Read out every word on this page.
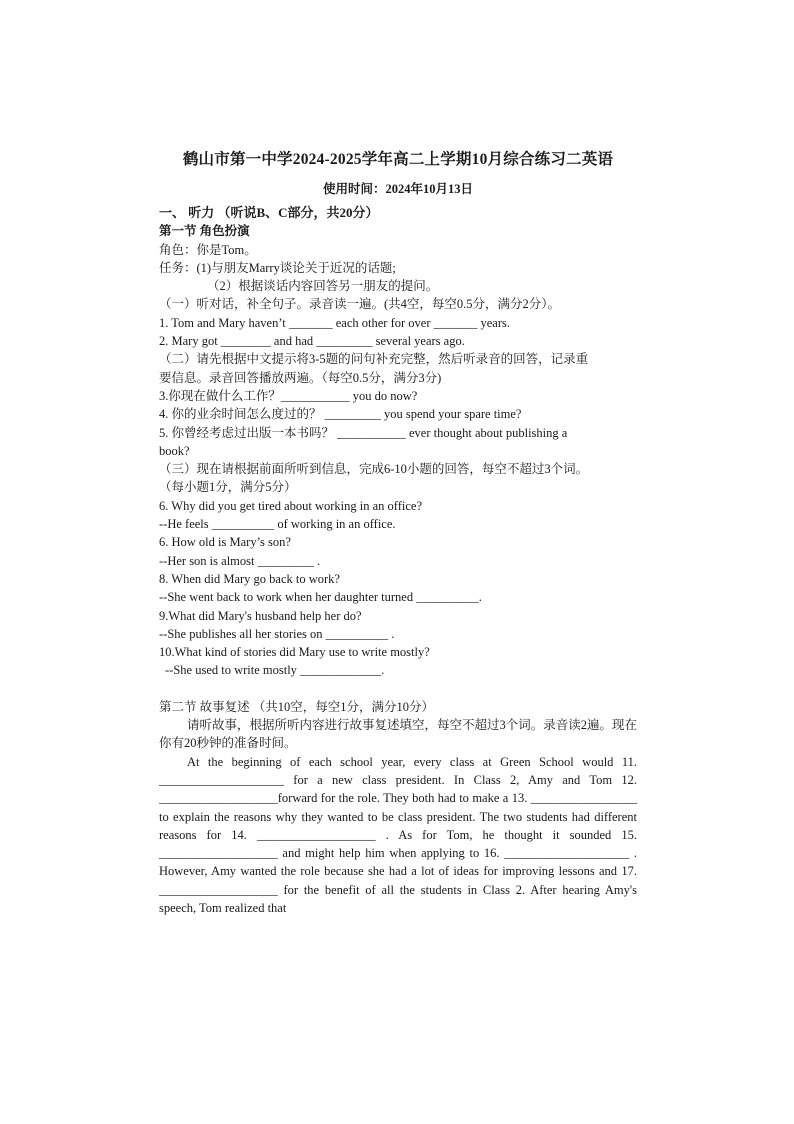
鹤山市第一中学2024-2025学年高二上学期10月综合练习二英语
使用时间：2024年10月13日
一、 听力 （听说B、C部分，共20分）
第一节 角色扮演
角色：你是Tom。
任务：(1)与朋友Marry谈论关于近况的话题;
（2）根据谈话内容回答另一朋友的提问。
（一）听对话，补全句子。录音读一遍。(共4空，每空0.5分，满分2分）。
1. Tom and Mary haven’t _______ each other for over _______ years.
2. Mary got ________ and had _________ several years ago.
（二）请先根据中文提示将3-5题的问句补充完整，然后听录音的回答，记录重
要信息。录音回答播放两遍。（每空0.5分，满分3分)
3.你现在做什么工作？___________ you do now?
4. 你的业余时间怎么度过的？ _________ you spend your spare time?
5. 你曾经考虑过出版一本书吗？ ___________ ever thought about publishing a
book?
（三）现在请根据前面所听到信息，完成6-10小题的回答，每空不超过3个词。
（每小题1分，满分5分）
6. Why did you get tired about working in an office?
--He feels __________ of working in an office.
6. How old is Mary’s son?
--Her son is almost _________ .
8. When did Mary go back to work?
--She went back to work when her daughter turned __________.
9.What did Mary's husband help her do?
--She publishes all her stories on __________ .
10.What kind of stories did Mary use to write mostly?
--She used to write mostly _____________.
第二节 故事复述 （共10空，每空1分，满分10分）
请听故事，根据所听内容进行故事复述填空，每空不超过3个词。录音读2遍。现在你有20秒钟的准备时间。
At the beginning of each school year, every class at Green School would 11. ____________________ for a new class president. In Class 2, Amy and Tom 12. ___________________forward for the role. They both had to make a 13. _________________ to explain the reasons why they wanted to be class president. The two students had different reasons for 14. ___________________ . As for Tom, he thought it sounded 15. ___________________ and might help him when applying to 16. ____________________ . However, Amy wanted the role because she had a lot of ideas for improving lessons and 17. ___________________ for the benefit of all the students in Class 2. After hearing Amy's speech, Tom realized that
